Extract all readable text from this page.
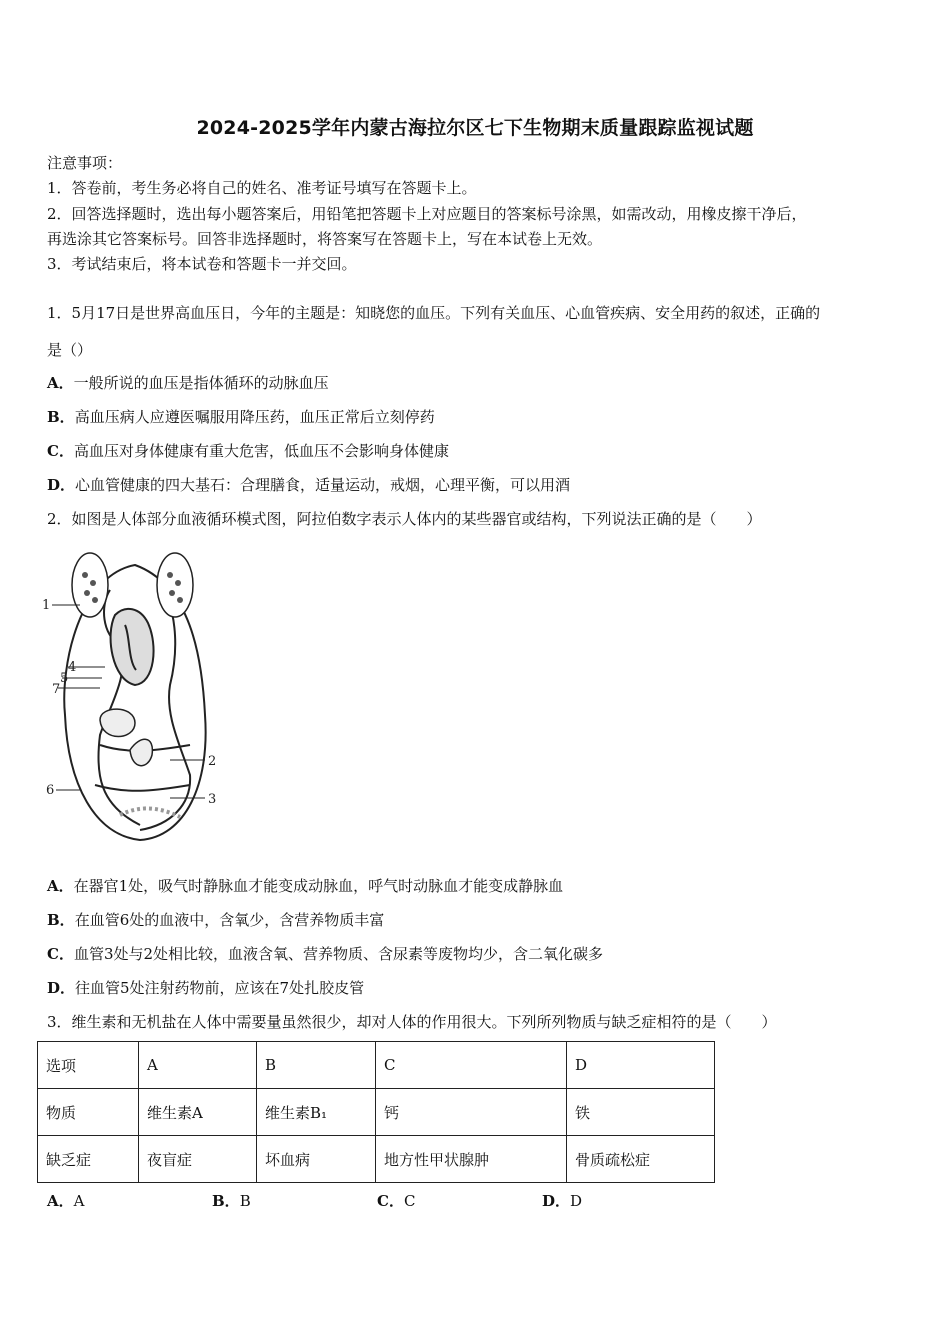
2024-2025学年内蒙古海拉尔区七下生物期末质量跟踪监视试题
注意事项：
1．答卷前，考生务必将自己的姓名、准考证号填写在答题卡上。
2．回答选择题时，选出每小题答案后，用铅笔把答题卡上对应题目的答案标号涂黑，如需改动，用橡皮擦干净后，
再选涂其它答案标号。回答非选择题时，将答案写在答题卡上，写在本试卷上无效。
3．考试结束后，将本试卷和答题卡一并交回。
1．5月17日是世界高血压日，今年的主题是：知晓您的血压。下列有关血压、心血管疾病、安全用药的叙述，正确的
是（）
A．一般所说的血压是指体循环的动脉血压
B．高血压病人应遵医嘱服用降压药，血压正常后立刻停药
C．高血压对身体健康有重大危害，低血压不会影响身体健康
D．心血管健康的四大基石：合理膳食，适量运动，戒烟，心理平衡，可以用酒
2．如图是人体部分血液循环模式图，阿拉伯数字表示人体内的某些器官或结构，下列说法正确的是（　　）
1
2
3
4
5
6
7
A．在器官1处，吸气时静脉血才能变成动脉血，呼气时动脉血才能变成静脉血
B．在血管6处的血液中，含氧少，含营养物质丰富
C．血管3处与2处相比较，血液含氧、营养物质、含尿素等废物均少，含二氧化碳多
D．往血管5处注射药物前，应该在7处扎胶皮管
3．维生素和无机盐在人体中需要量虽然很少，却对人体的作用很大。下列所列物质与缺乏症相符的是（　　）
选项	A	B	C	D
物质	维生素A	维生素B₁	钙	铁
缺乏症	夜盲症	坏血病	地方性甲状腺肿	骨质疏松症
A．A	B．B	C．C	D．D
